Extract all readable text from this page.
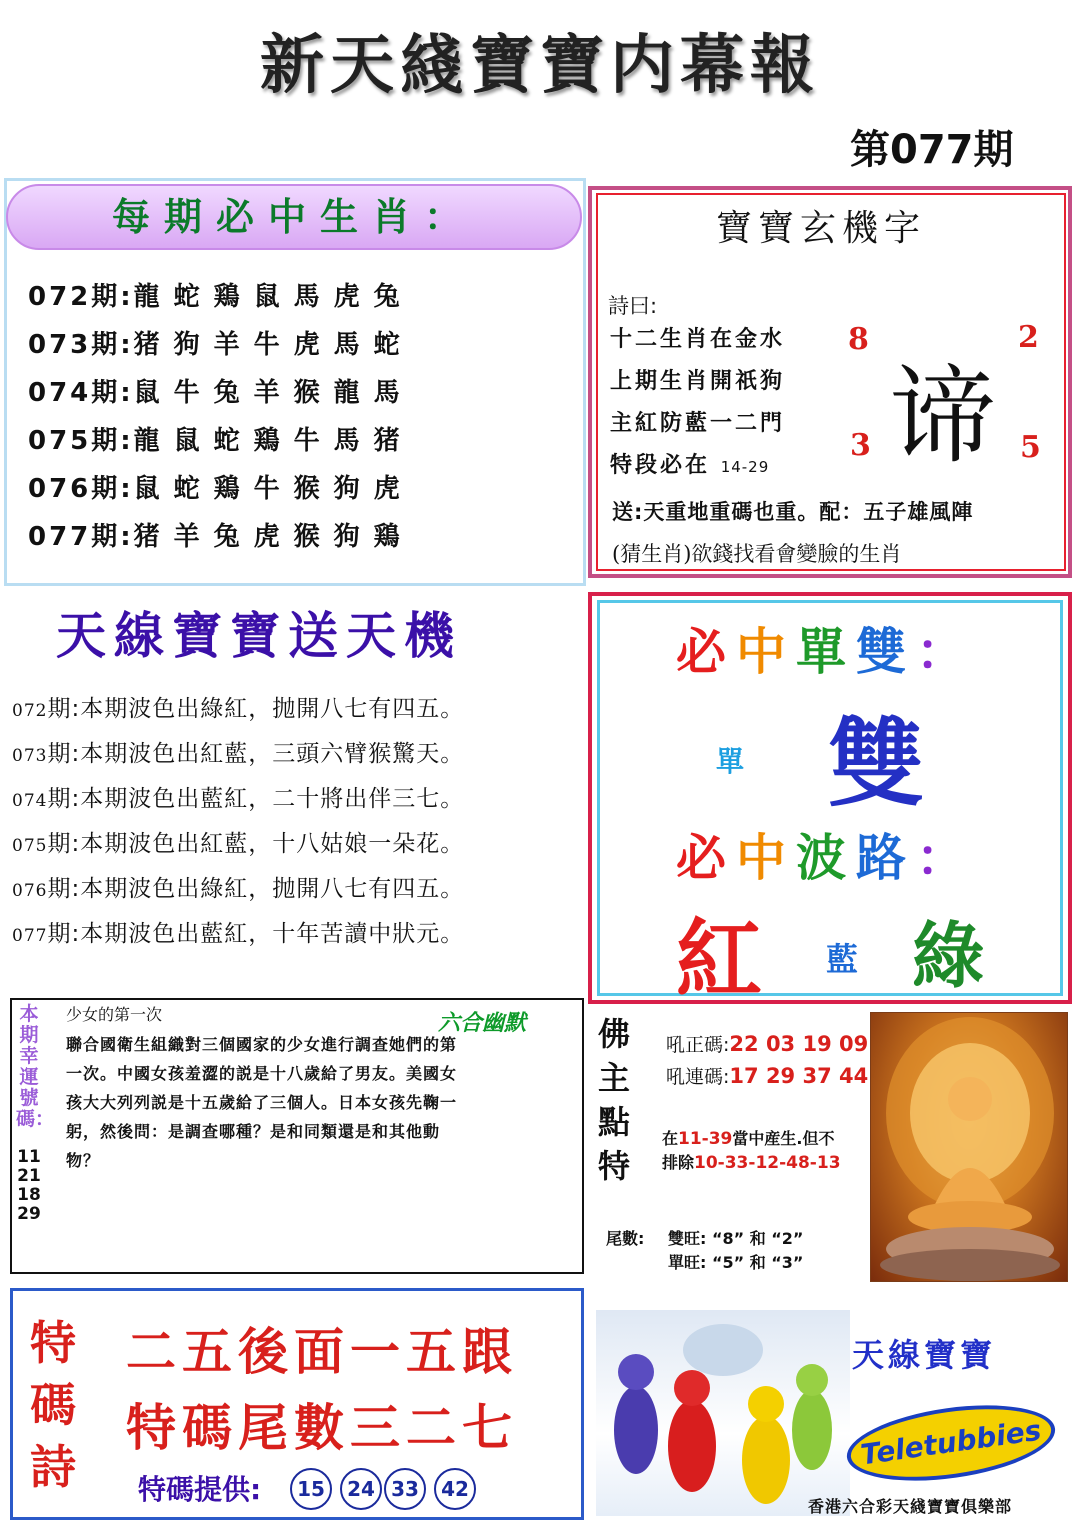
新天綫寶寶内幕報
第077期
每期必中生肖：
072期:龍蛇鶏鼠馬虎兔
073期:猪狗羊牛虎馬蛇
074期:鼠牛兔羊猴龍馬
075期:龍鼠蛇鶏牛馬猪
076期:鼠蛇鶏牛猴狗虎
077期:猪羊兔虎猴狗鶏
寶寶玄機字
詩曰:
十二生肖在金水
上期生肖開祇狗
主紅防藍一二門
特段必在 14-29 谛
8	2
3	5
送:天重地重碼也重。配：五子雄風陣
(猜生肖)欲錢找看會變臉的生肖
天線寶寶送天機
072期:本期波色出綠紅，抛開八七有四五。
073期:本期波色出紅藍，三頭六臂猴驚天。
074期:本期波色出藍紅，二十將出伴三七。
075期:本期波色出紅藍，十八姑娘一朵花。
076期:本期波色出綠紅，抛開八七有四五。
077期:本期波色出藍紅，十年苦讀中狀元。
必中單雙：
單 雙
必中波路：
紅 藍 綠
本期幸運號碼：
11 21 18 29
少女的第一次	六合幽默
聯合國衛生組織對三個國家的少女進行調查她們的第一次。中國女孩羞澀的説是十八歲給了男友。美國女孩大大列列説是十五歲給了三個人。日本女孩先鞠一躬，然後問：是調查哪種？是和同類還是和其他動物？
佛主點特
吼正碼:22 03 19 09
吼連碼:17 29 37 44
在11-39當中産生.但不
排除10-33-12-48-13
尾數: 雙旺: “8” 和 “2”
單旺: “5” 和 “3”
特碼詩
二五後面一五跟
特碼尾數三二七
特碼提供:	15	24 33	42
天線寶寶
Teletubbies
香港六合彩天綫寶寶俱樂部
